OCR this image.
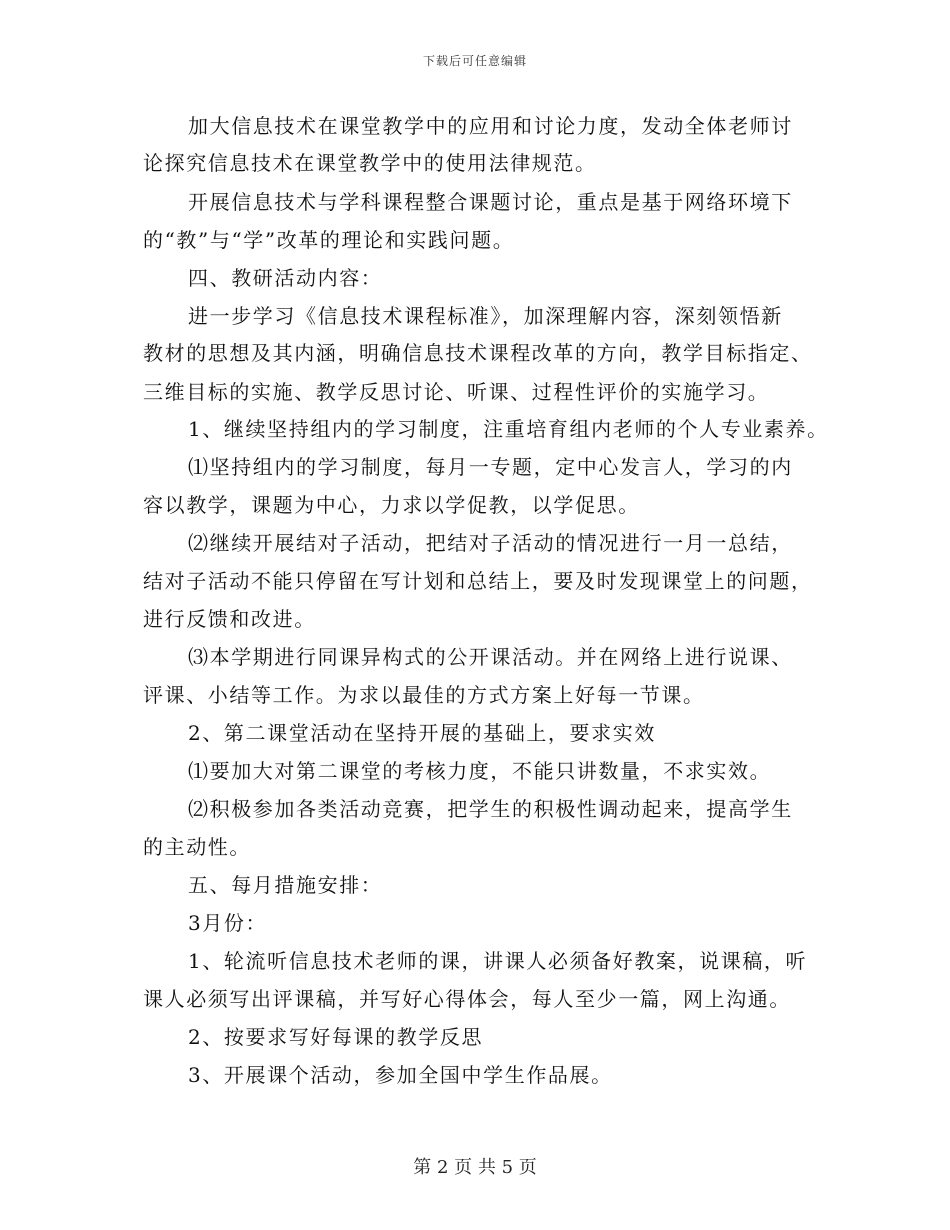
下载后可任意编辑
加大信息技术在课堂教学中的应用和讨论力度，发动全体老师讨
论探究信息技术在课堂教学中的使用法律规范。
开展信息技术与学科课程整合课题讨论，重点是基于网络环境下
的“教”与“学”改革的理论和实践问题。
四、教研活动内容：
进一步学习《信息技术课程标准》，加深理解内容，深刻领悟新
教材的思想及其内涵，明确信息技术课程改革的方向，教学目标指定、
三维目标的实施、教学反思讨论、听课、过程性评价的实施学习。
1、继续坚持组内的学习制度，注重培育组内老师的个人专业素养。
⑴坚持组内的学习制度，每月一专题，定中心发言人，学习的内
容以教学，课题为中心，力求以学促教，以学促思。
⑵继续开展结对子活动，把结对子活动的情况进行一月一总结，
结对子活动不能只停留在写计划和总结上，要及时发现课堂上的问题，
进行反馈和改进。
⑶本学期进行同课异构式的公开课活动。并在网络上进行说课、
评课、小结等工作。为求以最佳的方式方案上好每一节课。
2、第二课堂活动在坚持开展的基础上，要求实效
⑴要加大对第二课堂的考核力度，不能只讲数量，不求实效。
⑵积极参加各类活动竞赛，把学生的积极性调动起来，提高学生
的主动性。
五、每月措施安排：
3月份：
1、轮流听信息技术老师的课，讲课人必须备好教案，说课稿，听
课人必须写出评课稿，并写好心得体会，每人至少一篇，网上沟通。
2、按要求写好每课的教学反思
3、开展课个活动，参加全国中学生作品展。
第 2 页 共 5 页
